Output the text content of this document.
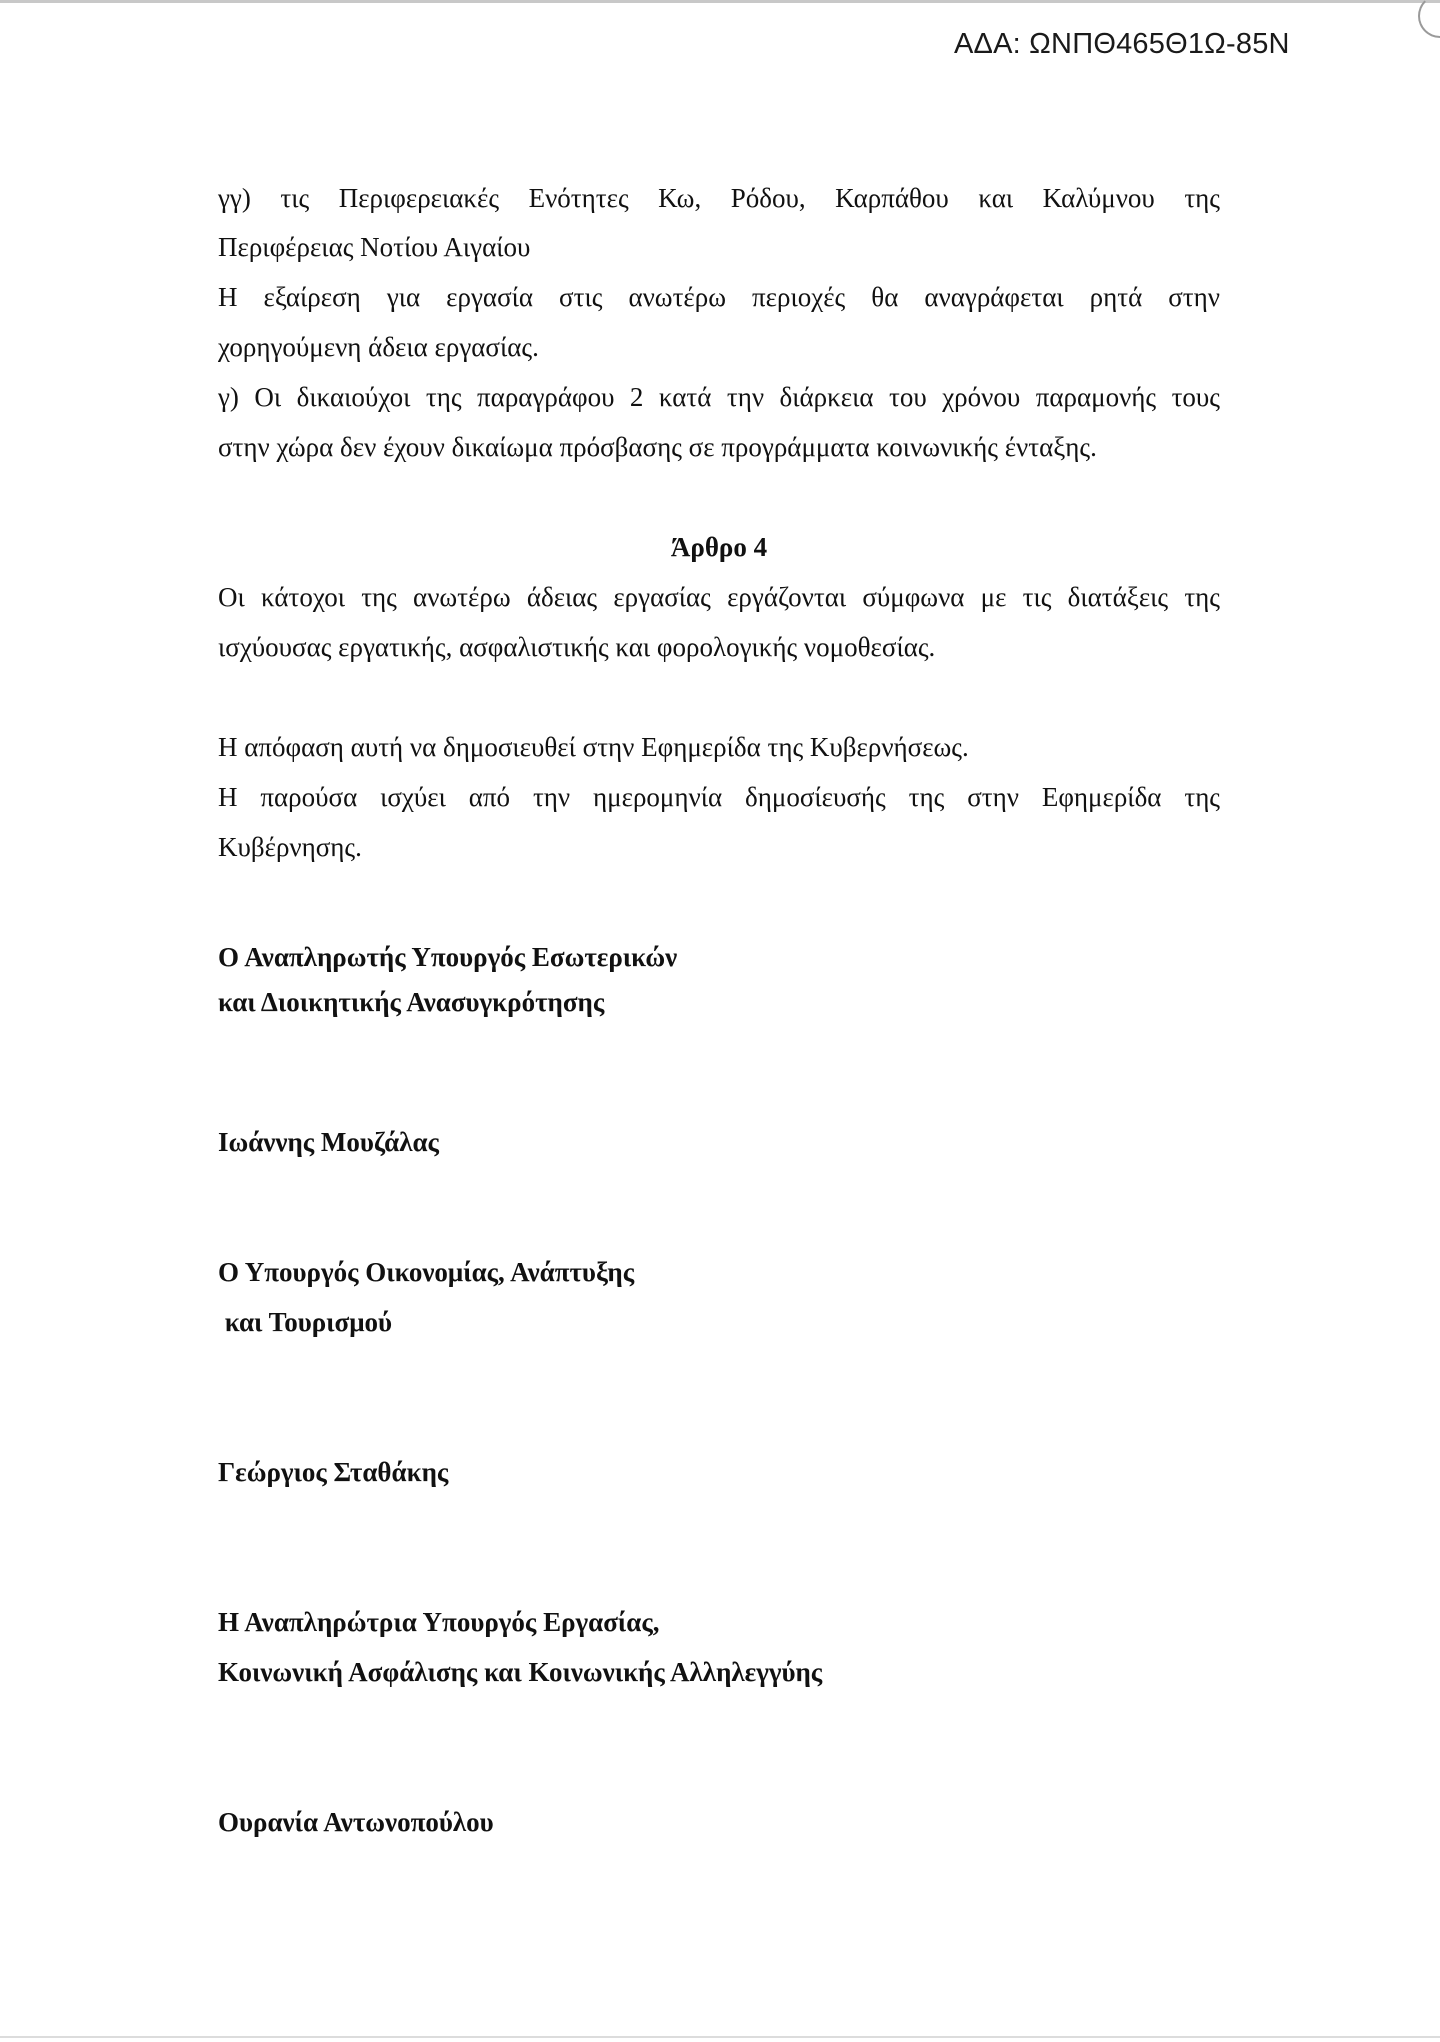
ΑΔΑ: ΩΝΠΘ465Θ1Ω-85Ν
γγ) τις Περιφερειακές Ενότητες Κω, Ρόδου, Καρπάθου και Καλύμνου της
Περιφέρειας Νοτίου Αιγαίου
Η εξαίρεση για εργασία στις ανωτέρω περιοχές θα αναγράφεται ρητά στην
χορηγούμενη άδεια εργασίας.
γ) Οι δικαιούχοι της παραγράφου 2 κατά την διάρκεια του χρόνου παραμονής τους
στην χώρα δεν έχουν δικαίωμα πρόσβασης σε προγράμματα κοινωνικής ένταξης.
Άρθρο 4
Οι κάτοχοι της ανωτέρω άδειας εργασίας εργάζονται σύμφωνα με τις διατάξεις της
ισχύουσας εργατικής, ασφαλιστικής και φορολογικής νομοθεσίας.
Η απόφαση αυτή να δημοσιευθεί στην Εφημερίδα της Κυβερνήσεως.
Η παρούσα ισχύει από την ημερομηνία δημοσίευσής της στην Εφημερίδα της
Κυβέρνησης.
Ο Αναπληρωτής Υπουργός Εσωτερικών
και Διοικητικής Ανασυγκρότησης
Ιωάννης Μουζάλας
Ο Υπουργός Οικονομίας, Ανάπτυξης
και Τουρισμού
Γεώργιος Σταθάκης
Η Αναπληρώτρια Υπουργός Εργασίας,
Κοινωνική Ασφάλισης και Κοινωνικής Αλληλεγγύης
Ουρανία Αντωνοπούλου
